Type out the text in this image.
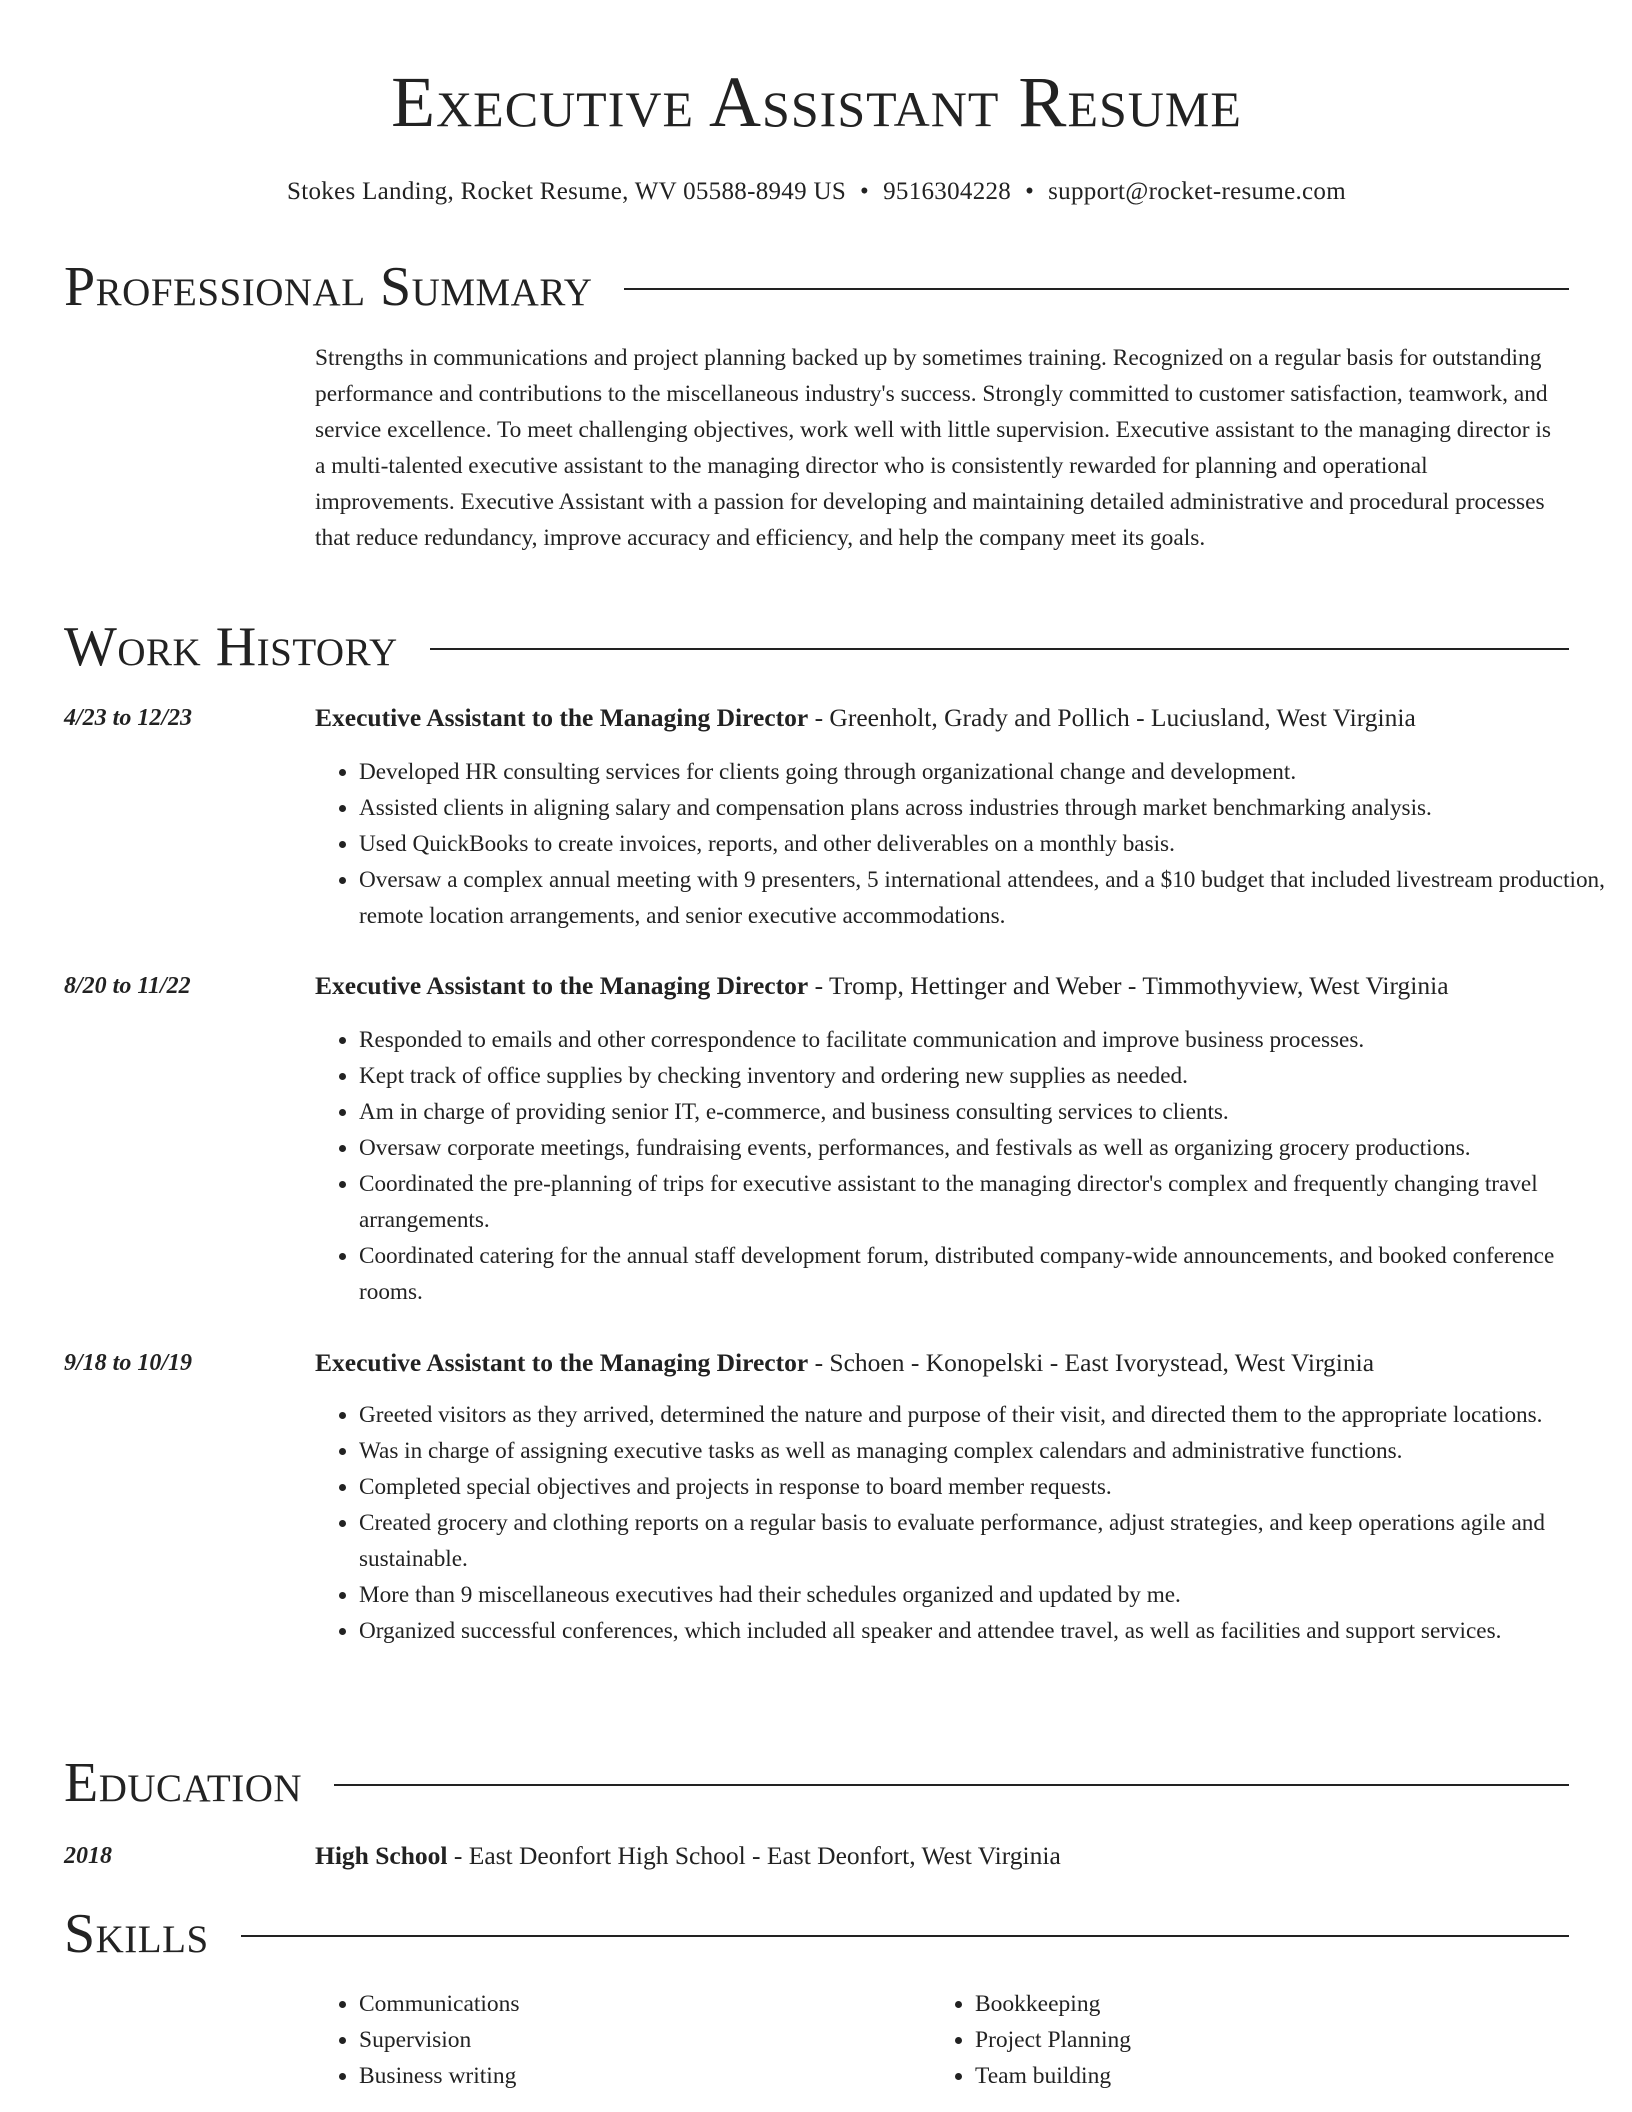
Executive Assistant Resume
Stokes Landing, Rocket Resume, WV 05588-8949 US • 9516304228 • support@rocket-resume.com
Professional Summary

Strengths in communications and project planning backed up by sometimes training. Recognized on a regular basis for outstanding performance and contributions to the miscellaneous industry's success. Strongly committed to customer satisfaction, teamwork, and service excellence. To meet challenging objectives, work well with little supervision. Executive assistant to the managing director is a multi-talented executive assistant to the managing director who is consistently rewarded for planning and operational improvements. Executive Assistant with a passion for developing and maintaining detailed administrative and procedural processes that reduce redundancy, improve accuracy and efficiency, and help the company meet its goals.

Work History
4/23 to 12/23	Executive Assistant to the Managing Director - Greenholt, Grady and Pollich - Luciusland, West Virginia
• Developed HR consulting services for clients going through organizational change and development.
• Assisted clients in aligning salary and compensation plans across industries through market benchmarking analysis.
• Used QuickBooks to create invoices, reports, and other deliverables on a monthly basis.
• Oversaw a complex annual meeting with 9 presenters, 5 international attendees, and a $10 budget that included livestream production, remote location arrangements, and senior executive accommodations.
8/20 to 11/22	Executive Assistant to the Managing Director - Tromp, Hettinger and Weber - Timmothyview, West Virginia
• Responded to emails and other correspondence to facilitate communication and improve business processes.
• Kept track of office supplies by checking inventory and ordering new supplies as needed.
• Am in charge of providing senior IT, e-commerce, and business consulting services to clients.
• Oversaw corporate meetings, fundraising events, performances, and festivals as well as organizing grocery productions.
• Coordinated the pre-planning of trips for executive assistant to the managing director's complex and frequently changing travel arrangements.
• Coordinated catering for the annual staff development forum, distributed company-wide announcements, and booked conference rooms.
9/18 to 10/19	Executive Assistant to the Managing Director - Schoen - Konopelski - East Ivorystead, West Virginia
• Greeted visitors as they arrived, determined the nature and purpose of their visit, and directed them to the appropriate locations.
• Was in charge of assigning executive tasks as well as managing complex calendars and administrative functions.
• Completed special objectives and projects in response to board member requests.
• Created grocery and clothing reports on a regular basis to evaluate performance, adjust strategies, and keep operations agile and sustainable.
• More than 9 miscellaneous executives had their schedules organized and updated by me.
• Organized successful conferences, which included all speaker and attendee travel, as well as facilities and support services.
Education
2018	High School - East Deonfort High School - East Deonfort, West Virginia
Skills
• Communications
• Supervision
• Business writing
• Bookkeeping
• Project Planning
• Team building
